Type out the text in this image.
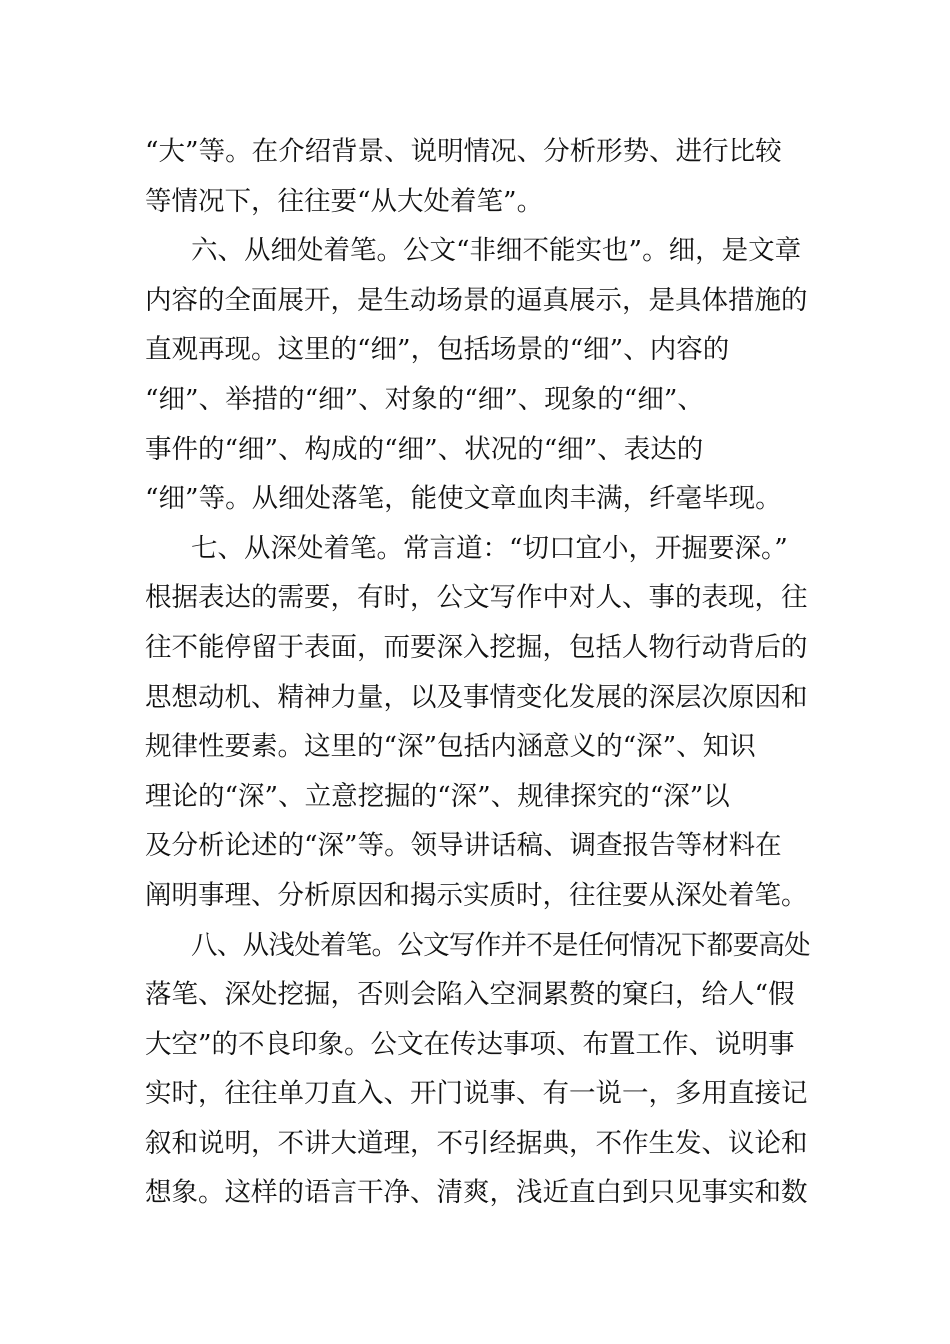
“大”等。在介绍背景、说明情况、分析形势、进行比较
等情况下，往往要“从大处着笔”。
六、从细处着笔。公文“非细不能实也”。细，是文章
内容的全面展开，是生动场景的逼真展示，是具体措施的
直观再现。这里的“细”，包括场景的“细”、内容的
“细”、举措的“细”、对象的“细”、现象的“细”、
事件的“细”、构成的“细”、状况的“细”、表达的
“细”等。从细处落笔，能使文章血肉丰满，纤毫毕现。
七、从深处着笔。常言道：“切口宜小，开掘要深。”
根据表达的需要，有时，公文写作中对人、事的表现，往
往不能停留于表面，而要深入挖掘，包括人物行动背后的
思想动机、精神力量，以及事情变化发展的深层次原因和
规律性要素。这里的“深”包括内涵意义的“深”、知识
理论的“深”、立意挖掘的“深”、规律探究的“深”以
及分析论述的“深”等。领导讲话稿、调查报告等材料在
阐明事理、分析原因和揭示实质时，往往要从深处着笔。
八、从浅处着笔。公文写作并不是任何情况下都要高处
落笔、深处挖掘，否则会陷入空洞累赘的窠臼，给人“假
大空”的不良印象。公文在传达事项、布置工作、说明事
实时，往往单刀直入、开门说事、有一说一，多用直接记
叙和说明，不讲大道理，不引经据典，不作生发、议论和
想象。这样的语言干净、清爽，浅近直白到只见事实和数
